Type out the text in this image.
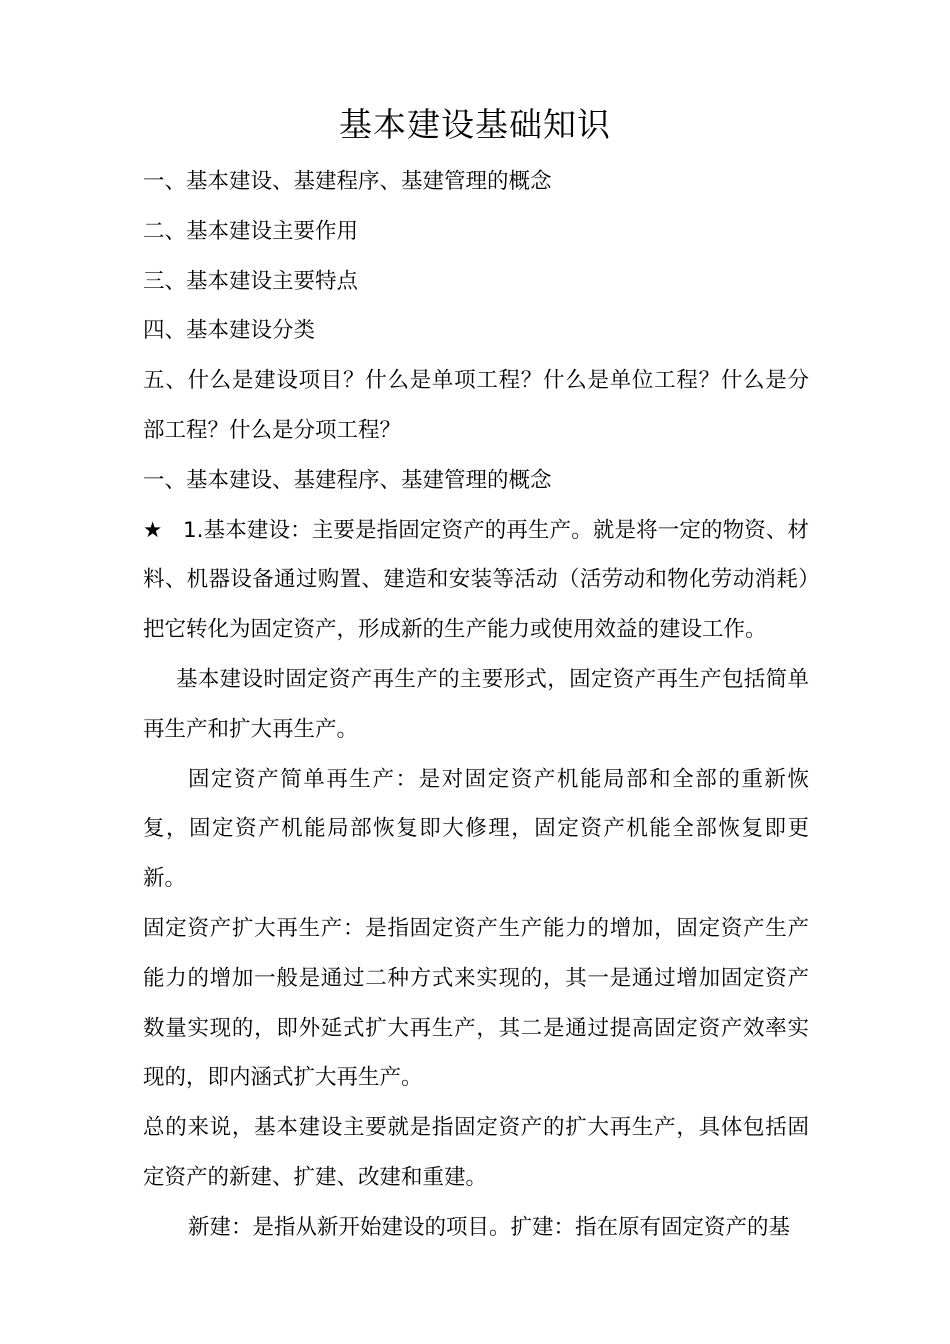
基本建设基础知识

一、基本建设、基建程序、基建管理的概念

二、基本建设主要作用

三、基本建设主要特点

四、基本建设分类

五、什么是建设项目？什么是单项工程？什么是单位工程？什么是分部工程？什么是分项工程？

一、基本建设、基建程序、基建管理的概念

★ 1.基本建设：主要是指固定资产的再生产。就是将一定的物资、材料、机器设备通过购置、建造和安装等活动（活劳动和物化劳动消耗）把它转化为固定资产，形成新的生产能力或使用效益的建设工作。

基本建设时固定资产再生产的主要形式，固定资产再生产包括简单再生产和扩大再生产。

固定资产简单再生产：是对固定资产机能局部和全部的重新恢复，固定资产机能局部恢复即大修理，固定资产机能全部恢复即更新。

固定资产扩大再生产：是指固定资产生产能力的增加，固定资产生产能力的增加一般是通过二种方式来实现的，其一是通过增加固定资产数量实现的，即外延式扩大再生产，其二是通过提高固定资产效率实现的，即内涵式扩大再生产。

总的来说，基本建设主要就是指固定资产的扩大再生产，具体包括固定资产的新建、扩建、改建和重建。

新建：是指从新开始建设的项目。扩建：指在原有固定资产的基
